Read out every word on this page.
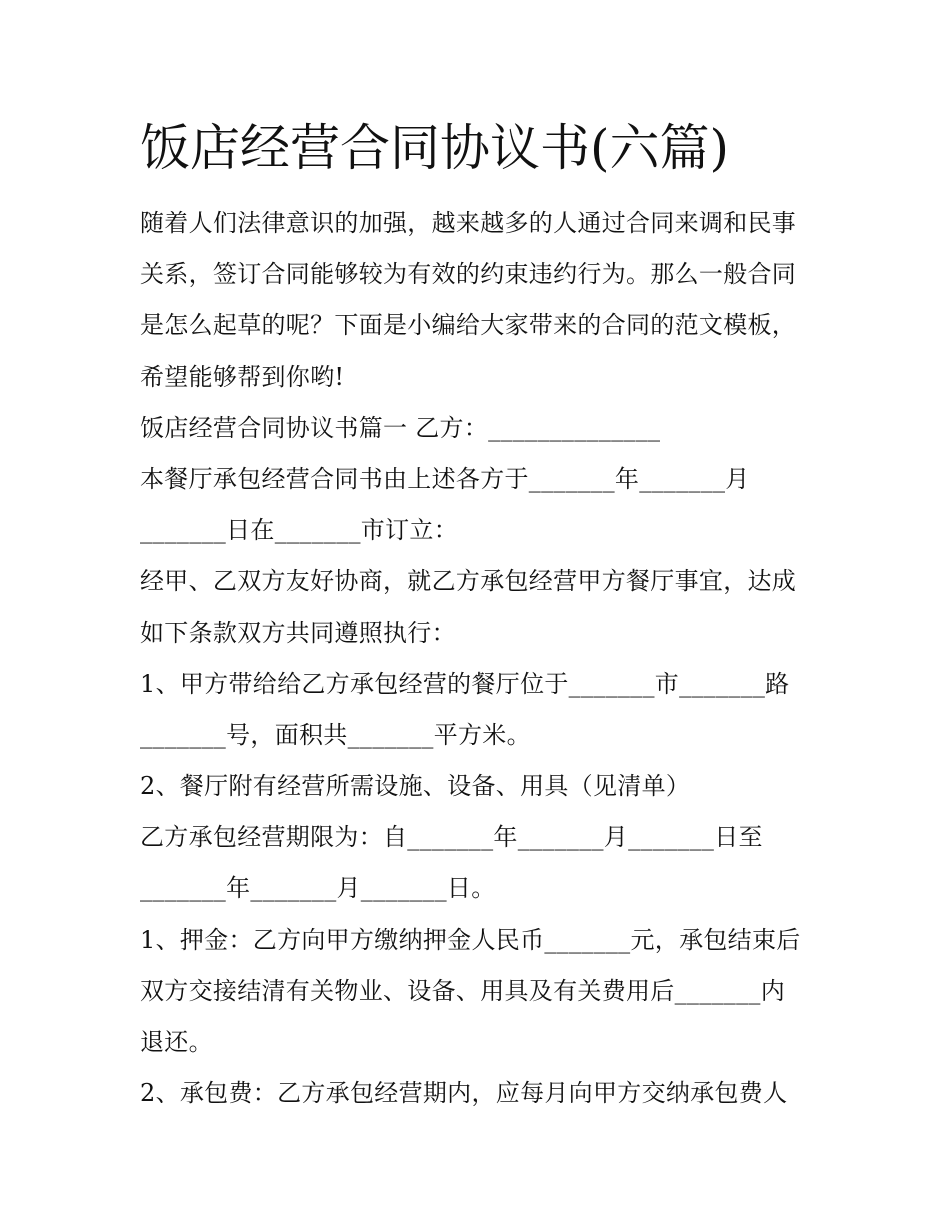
饭店经营合同协议书(六篇)
随着人们法律意识的加强，越来越多的人通过合同来调和民事
关系，签订合同能够较为有效的约束违约行为。那么一般合同
是怎么起草的呢？下面是小编给大家带来的合同的范文模板，
希望能够帮到你哟!
饭店经营合同协议书篇一 乙方：______________
本餐厅承包经营合同书由上述各方于_______年_______月
_______日在_______市订立：
经甲、乙双方友好协商，就乙方承包经营甲方餐厅事宜，达成
如下条款双方共同遵照执行：
1、甲方带给给乙方承包经营的餐厅位于_______市_______路
_______号，面积共_______平方米。
2、餐厅附有经营所需设施、设备、用具（见清单）
乙方承包经营期限为：自_______年_______月_______日至
_______年_______月_______日。
1、押金：乙方向甲方缴纳押金人民币_______元，承包结束后
双方交接结清有关物业、设备、用具及有关费用后_______内
退还。
2、承包费：乙方承包经营期内，应每月向甲方交纳承包费人
